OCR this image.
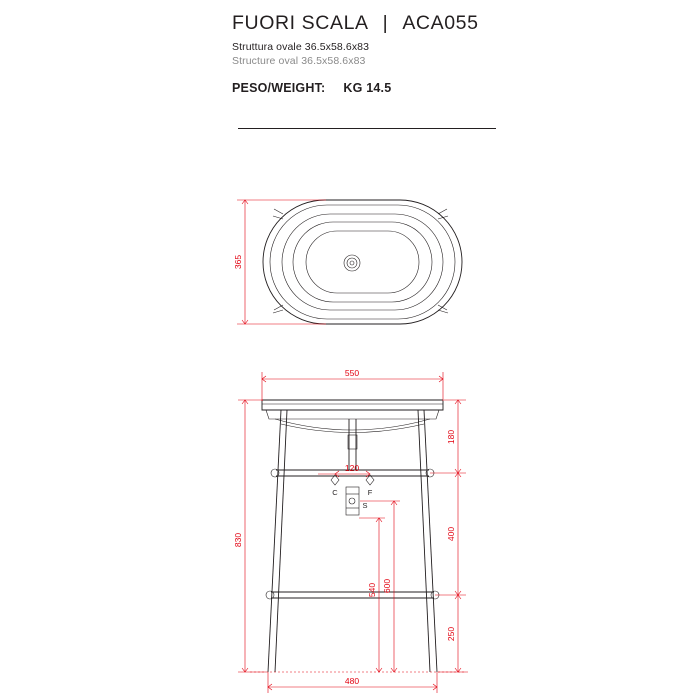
FUORI SCALA | ACA055
Struttura ovale 36.5x58.6x83
Structure oval 36.5x58.6x83
PESO/WEIGHT: KG 14.5
365
C	F
S
550
830
180
400
250
600
540
120
480
